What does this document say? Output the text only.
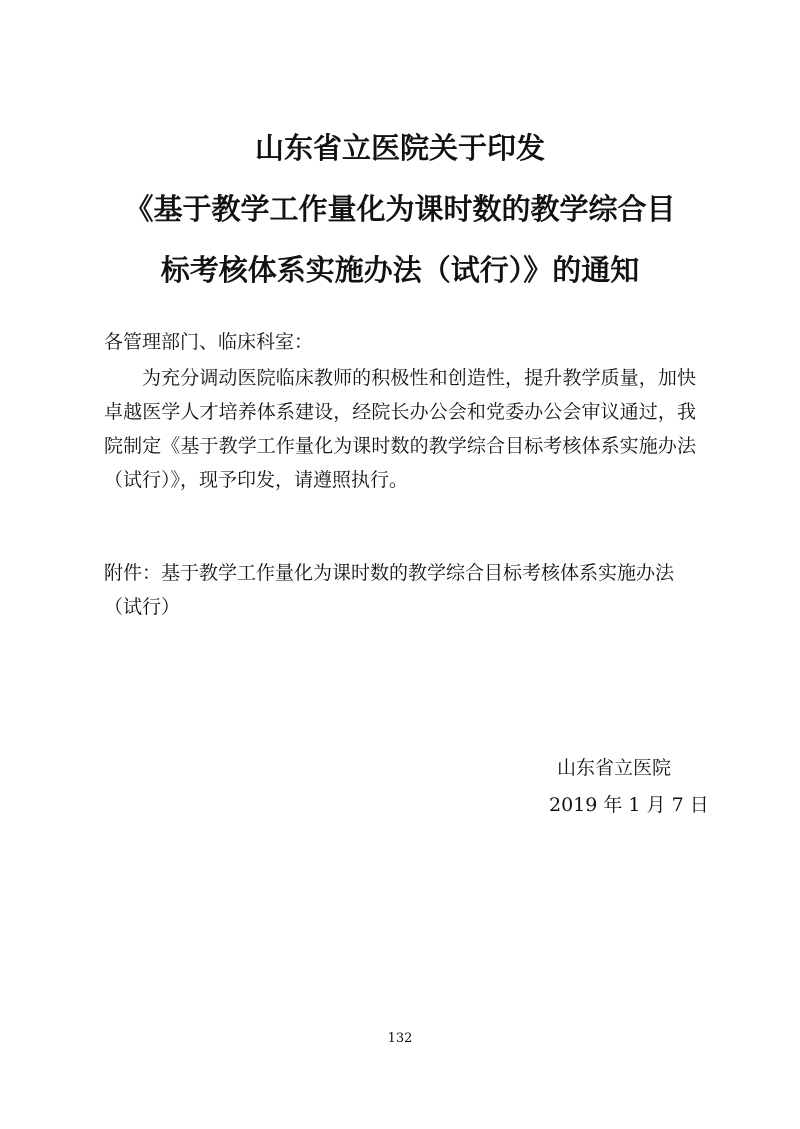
山东省立医院关于印发
《基于教学工作量化为课时数的教学综合目
标考核体系实施办法（试行）》的通知

各管理部门、临床科室：

为充分调动医院临床教师的积极性和创造性，提升教学质量，加快卓越医学人才培养体系建设，经院长办公会和党委办公会审议通过，我院制定《基于教学工作量化为课时数的教学综合目标考核体系实施办法（试行）》，现予印发，请遵照执行。

附件：基于教学工作量化为课时数的教学综合目标考核体系实施办法
（试行）

山东省立医院

2019 年 1 月 7 日

132
